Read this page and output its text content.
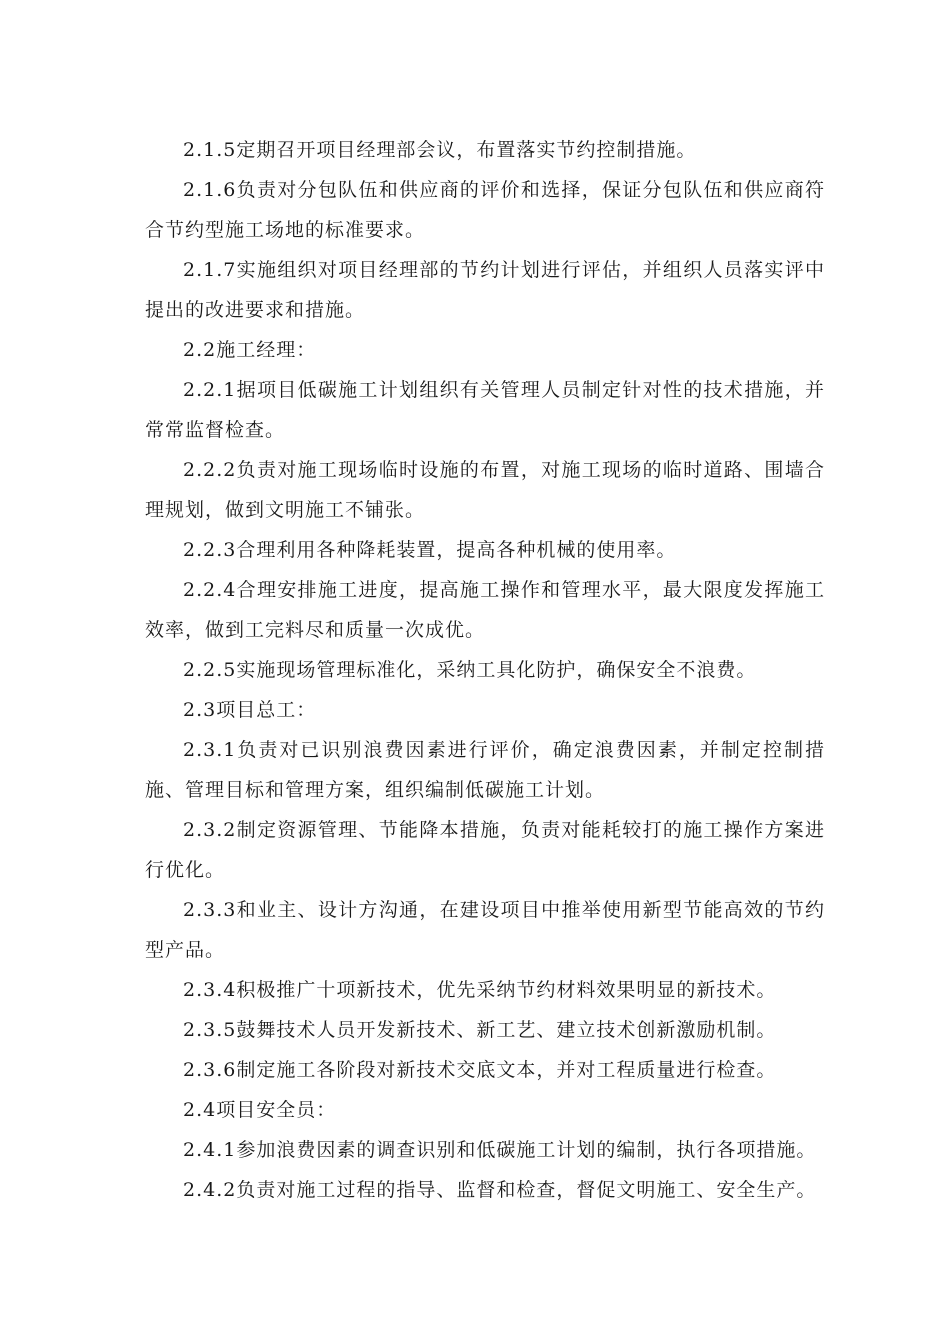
2.1.5定期召开项目经理部会议，布置落实节约控制措施。

2.1.6负责对分包队伍和供应商的评价和选择，保证分包队伍和供应商符合节约型施工场地的标准要求。

2.1.7实施组织对项目经理部的节约计划进行评估，并组织人员落实评中提出的改进要求和措施。

2.2施工经理：

2.2.1据项目低碳施工计划组织有关管理人员制定针对性的技术措施，并常常监督检查。

2.2.2负责对施工现场临时设施的布置，对施工现场的临时道路、围墙合理规划，做到文明施工不铺张。

2.2.3合理利用各种降耗装置，提高各种机械的使用率。

2.2.4合理安排施工进度，提高施工操作和管理水平，最大限度发挥施工效率，做到工完料尽和质量一次成优。

2.2.5实施现场管理标准化，采纳工具化防护，确保安全不浪费。

2.3项目总工：

2.3.1负责对已识别浪费因素进行评价，确定浪费因素，并制定控制措施、管理目标和管理方案，组织编制低碳施工计划。

2.3.2制定资源管理、节能降本措施，负责对能耗较打的施工操作方案进行优化。

2.3.3和业主、设计方沟通，在建设项目中推举使用新型节能高效的节约型产品。

2.3.4积极推广十项新技术，优先采纳节约材料效果明显的新技术。

2.3.5鼓舞技术人员开发新技术、新工艺、建立技术创新激励机制。

2.3.6制定施工各阶段对新技术交底文本，并对工程质量进行检查。

2.4项目安全员：

2.4.1参加浪费因素的调查识别和低碳施工计划的编制，执行各项措施。

2.4.2负责对施工过程的指导、监督和检查，督促文明施工、安全生产。
